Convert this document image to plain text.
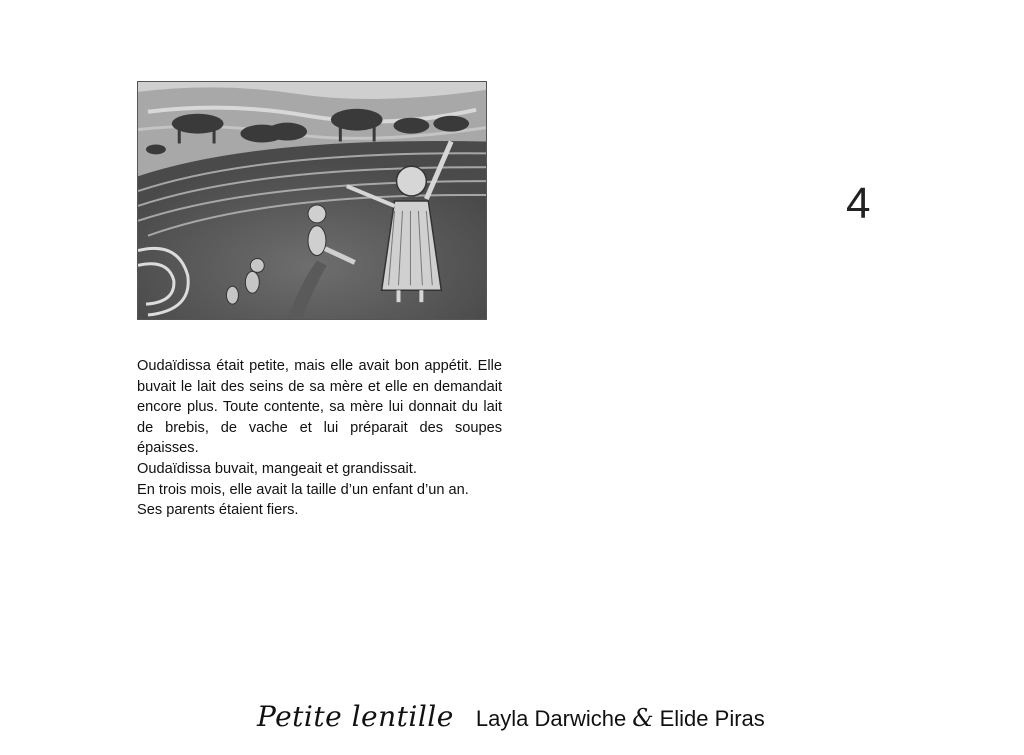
4

Oudaïdissa était petite, mais elle avait bon appétit. Elle buvait le lait des seins de sa mère et elle en demandait encore plus. Toute contente, sa mère lui donnait du lait de brebis, de vache et lui préparait des soupes épaisses.

Oudaïdissa buvait, mangeait et grandissait.

En trois mois, elle avait la taille d’un enfant d’un an.

Ses parents étaient fiers.

Petite lentille Layla Darwiche & Elide Piras
